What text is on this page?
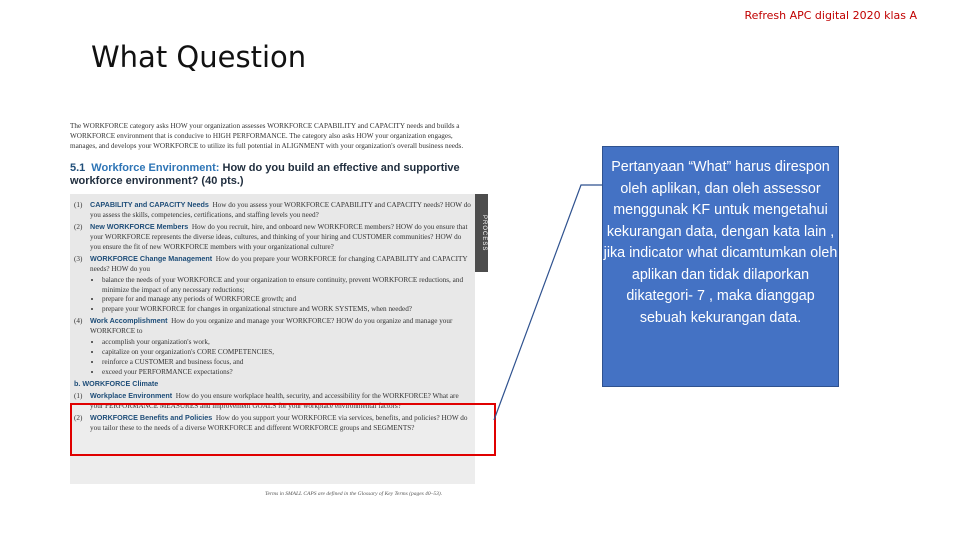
Refresh APC digital 2020 klas A
What Question
The WORKFORCE category asks HOW your organization assesses WORKFORCE CAPABILITY and CAPACITY needs and builds a WORKFORCE environment that is conducive to HIGH PERFORMANCE. The category also asks HOW your organization engages, manages, and develops your WORKFORCE to utilize its full potential in ALIGNMENT with your organization's overall business needs.
5.1 Workforce Environment: How do you build an effective and supportive workforce environment? (40 pts.)
PROCESS

(1) CAPABILITY and CAPACITY Needs How do you assess your WORKFORCE CAPABILITY and CAPACITY needs? HOW do you assess the skills, competencies, certifications, and staffing levels you need?

(2) New WORKFORCE Members How do you recruit, hire, and onboard new WORKFORCE members? HOW do you ensure that your WORKFORCE represents the diverse ideas, cultures, and thinking of your hiring and CUSTOMER communities? HOW do you ensure the fit of new WORKFORCE members with your organizational culture?

(3) WORKFORCE Change Management How do you prepare your WORKFORCE for changing CAPABILITY and CAPACITY needs? HOW do you

• balance the needs of your WORKFORCE and your organization to ensure continuity, prevent WORKFORCE reductions, and minimize the impact of any necessary reductions;
• prepare for and manage any periods of WORKFORCE growth; and
• prepare your WORKFORCE for changes in organizational structure and WORK SYSTEMS, when needed?

(4) Work Accomplishment How do you organize and manage your WORKFORCE? HOW do you organize and manage your WORKFORCE to

• accomplish your organization's work,
• capitalize on your organization's CORE COMPETENCIES,
• reinforce a CUSTOMER and business focus, and
• exceed your PERFORMANCE expectations?

b. WORKFORCE Climate

(1) Workplace Environment How do you ensure workplace health, security, and accessibility for the WORKFORCE? What are your PERFORMANCE MEASURES and improvement GOALS for your workplace environmental factors?

(2) WORKFORCE Benefits and Policies How do you support your WORKFORCE via services, benefits, and policies? HOW do you tailor these to the needs of a diverse WORKFORCE and different WORKFORCE groups and SEGMENTS?

Terms in SMALL CAPS are defined in the Glossary of Key Terms (pages 40–53).
Pertanyaan “What” harus direspon oleh aplikan, dan oleh assessor menggunak KF untuk mengetahui kekurangan data, dengan kata lain , jika indicator what dicamtumkan oleh aplikan dan tidak dilaporkan dikategori- 7 , maka dianggap sebuah kekurangan data.
